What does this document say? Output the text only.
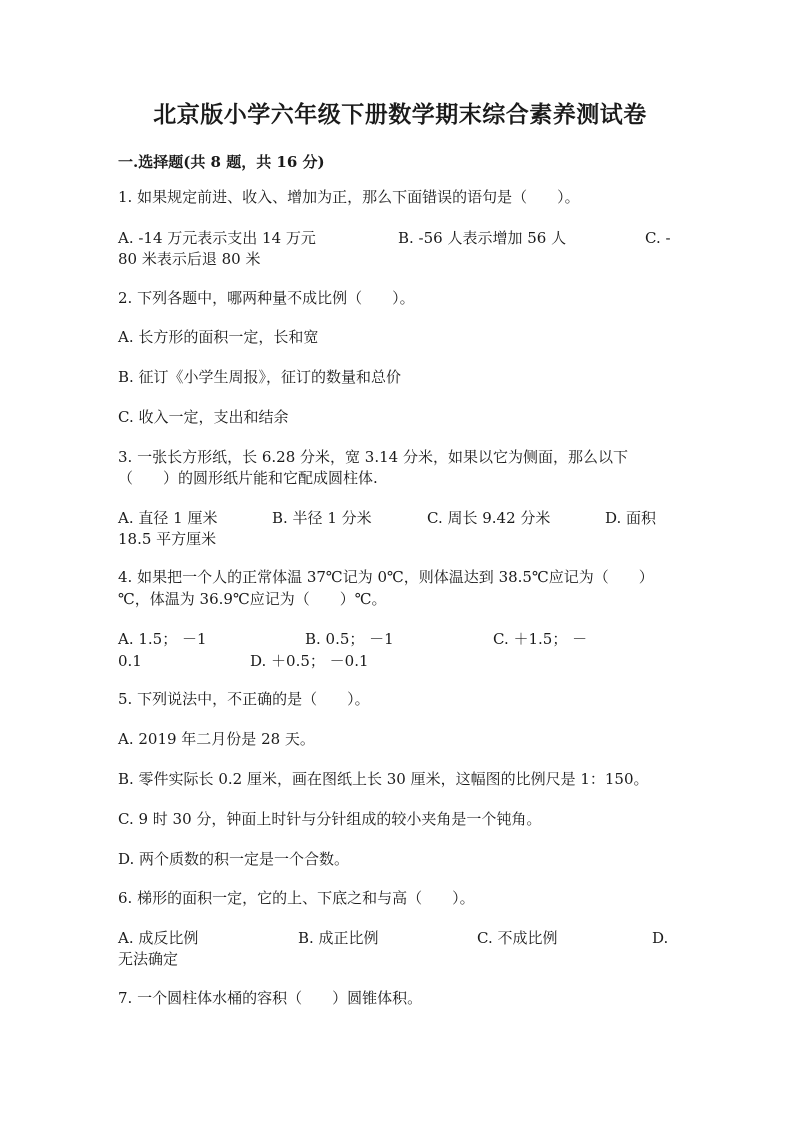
北京版小学六年级下册数学期末综合素养测试卷
一.选择题(共 8 题，共 16 分)
1. 如果规定前进、收入、增加为正，那么下面错误的语句是（　　）。
A. -14 万元表示支出 14 万元	B. -56 人表示增加 56 人	C. -
80 米表示后退 80 米
2. 下列各题中，哪两种量不成比例（　　）。
A. 长方形的面积一定，长和宽
B. 征订《小学生周报》，征订的数量和总价
C. 收入一定，支出和结余
3. 一张长方形纸，长 6.28 分米，宽 3.14 分米，如果以它为侧面，那么以下
（　　）的圆形纸片能和它配成圆柱体.
A. 直径 1 厘米	B. 半径 1 分米	C. 周长 9.42 分米	D. 面积
18.5 平方厘米
4. 如果把一个人的正常体温 37℃记为 0℃，则体温达到 38.5℃应记为（　　）
℃，体温为 36.9℃应记为（　　）℃。
A. 1.5； －1	B. 0.5； －1	C. ＋1.5； －
0.1	D. ＋0.5； －0.1
5. 下列说法中，不正确的是（　　）。
A. 2019 年二月份是 28 天。
B. 零件实际长 0.2 厘米，画在图纸上长 30 厘米，这幅图的比例尺是 1：150。
C. 9 时 30 分，钟面上时针与分针组成的较小夹角是一个钝角。
D. 两个质数的积一定是一个合数。
6. 梯形的面积一定，它的上、下底之和与高（　　）。
A. 成反比例	B. 成正比例	C. 不成比例	D.
无法确定
7. 一个圆柱体水桶的容积（　　）圆锥体积。
